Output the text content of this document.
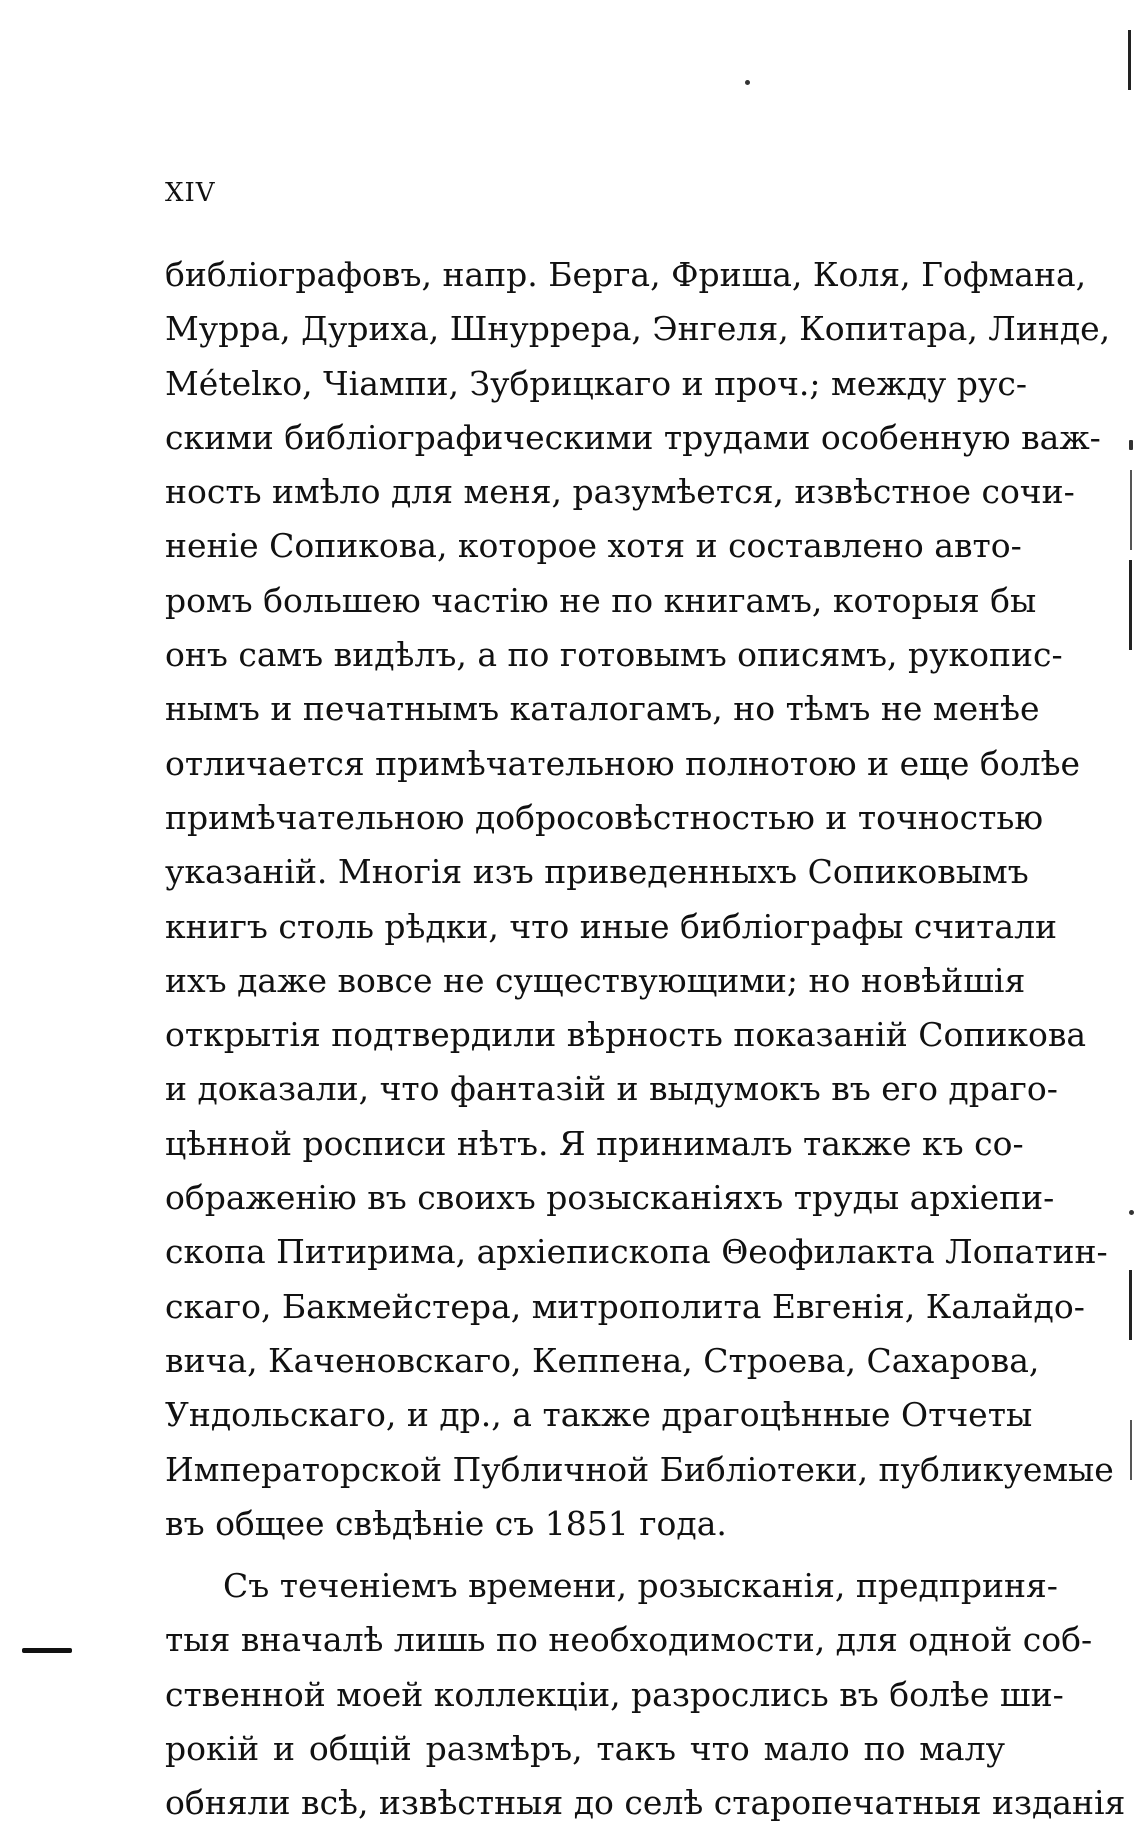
XIV
библіографовъ, напр. Берга, Фриша, Коля, Гофмана,
Мурра, Дуриха, Шнуррера, Энгеля, Копитара, Линде,
Мételко, Чіампи, Зубрицкаго и проч.; между рус-
скими библіографическими трудами особенную важ-
ность имѣло для меня, разумѣется, извѣстное сочи-
неніе Сопикова, которое хотя и составлено авто-
ромъ большею частію не по книгамъ, которыя бы
онъ самъ видѣлъ, а по готовымъ описямъ, рукопис-
нымъ и печатнымъ каталогамъ, но тѣмъ не менѣе
отличается примѣчательною полнотою и еще болѣе
примѣчательною добросовѣстностью и точностью
указаній. Многія изъ приведенныхъ Сопиковымъ
книгъ столь рѣдки, что иные библіографы считали
ихъ даже вовсе не существующими; но новѣйшія
открытія подтвердили вѣрность показаній Сопикова
и доказали, что фантазій и выдумокъ въ его драго-
цѣнной росписи нѣтъ. Я принималъ также къ со-
ображенію въ своихъ розысканіяхъ труды архіепи-
скопа Питирима, архіепископа Θеофилакта Лопатин-
скаго, Бакмейстера, митрополита Евгенія, Калайдо-
вича, Каченовскаго, Кеппена, Строева, Сахарова,
Ундольскаго, и др., а также драгоцѣнные Отчеты
Императорской Публичной Библіотеки, публикуемые
въ общее свѣдѣніе съ 1851 года.
Съ теченіемъ времени, розысканія, предприня-
тыя вначалѣ лишь по необходимости, для одной соб-
ственной моей коллекціи, разрослись въ болѣе ши-
рокій и общій размѣръ, такъ что мало по малу
обняли всѣ, извѣстныя до селѣ старопечатныя изданія
